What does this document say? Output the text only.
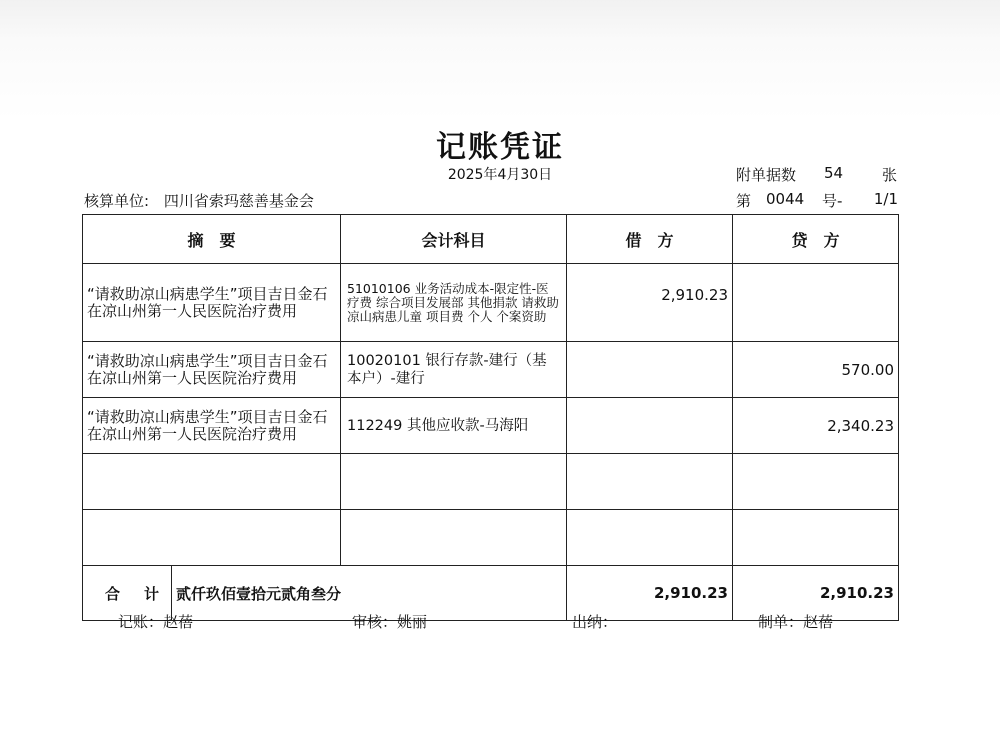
记账凭证
2025年4月30日	附单据数 54	张
核算单位: 四川省索玛慈善基金会	第 0044 号- 1/1
摘　要	会计科目	借　方	贷　方
“请救助凉山病患学生”项目吉日金石在凉山州第一人民医院治疗费用	51010106 业务活动成本-限定性-医疗费 综合项目发展部 其他捐款 请救助凉山病患儿童 项目费 个人 个案资助	2,910.23	
“请救助凉山病患学生”项目吉日金石在凉山州第一人民医院治疗费用	10020101 银行存款-建行（基本户）-建行		570.00
“请救助凉山病患学生”项目吉日金石在凉山州第一人民医院治疗费用	112249 其他应收款-马海阳		2,340.23

合 计 贰仟玖佰壹拾元贰角叁分		2,910.23	2,910.23
记账：赵蓓	审核：姚丽	出纳：	制单：赵蓓
